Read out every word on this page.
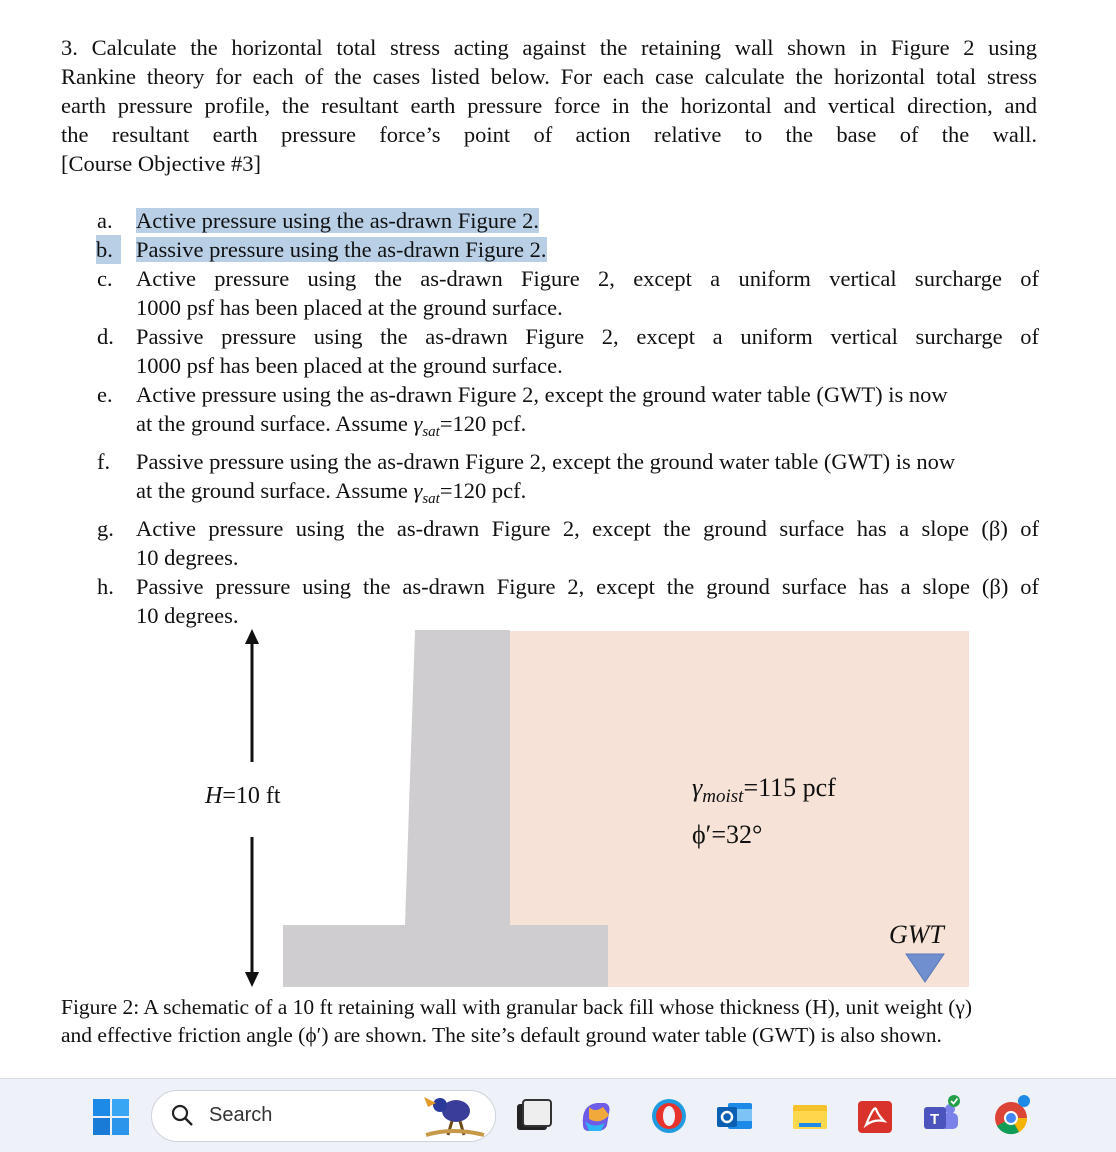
3. Calculate the horizontal total stress acting against the retaining wall shown in Figure 2 using
Rankine theory for each of the cases listed below. For each case calculate the horizontal total stress
earth pressure profile, the resultant earth pressure force in the horizontal and vertical direction, and
the resultant earth pressure force’s point of action relative to the base of the wall.
[Course Objective #3]
a. Active pressure using the as-drawn Figure 2.
b.	Passive pressure using the as-drawn Figure 2.
c. Active pressure using the as-drawn Figure 2, except a uniform vertical surcharge of
1000 psf has been placed at the ground surface.
d. Passive pressure using the as-drawn Figure 2, except a uniform vertical surcharge of
1000 psf has been placed at the ground surface.
e. Active pressure using the as-drawn Figure 2, except the ground water table (GWT) is now
at the ground surface. Assume $\gamma_{sat}=120$ pcf.
f. Passive pressure using the as-drawn Figure 2, except the ground water table (GWT) is now
at the ground surface. Assume $\gamma_{sat}=120$ pcf.
g. Active pressure using the as-drawn Figure 2, except the ground surface has a slope (β) of
10 degrees.
h. Passive pressure using the as-drawn Figure 2, except the ground surface has a slope (β) of
10 degrees.
H=10 ft	$\gamma_{moist}=115$ pcf
ϕ′=32°
GWT
Figure 2: A schematic of a 10 ft retaining wall with granular back fill whose thickness (H), unit weight (γ)
and effective friction angle (ϕ′) are shown. The site’s default ground water table (GWT) is also shown.
Search	T
